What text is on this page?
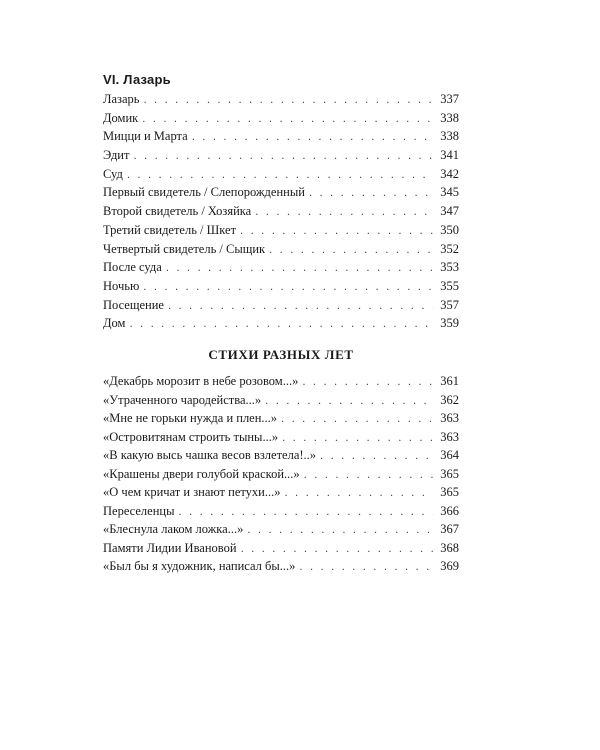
VI. Лазарь
Лазарь . . .	337
Домик . . .	338
Мицци и Марта . . .	338
Эдит . . .	341
Суд . . .	342
Первый свидетель / Слепорожденный . . .	345
Второй свидетель / Хозяйка . . .	347
Третий свидетель / Шкет . . .	350
Четвертый свидетель / Сыщик . . .	352
После суда . . .	353
Ночью . . .	355
Посещение . . .	357
Дом . . .	359
СТИХИ РАЗНЫХ ЛЕТ
«Декабрь морозит в небе розовом...» . . .	361
«Утраченного чародейства...» . . .	362
«Мне не горьки нужда и плен...» . . .	363
«Островитянам строить тыны...» . . .	363
«В какую высь чашка весов взлетела!..» . . .	364
«Крашены двери голубой краской...» . . .	365
«О чем кричат и знают петухи...» . . .	365
Переселенцы . . .	366
«Блеснула лаком ложка...» . . .	367
Памяти Лидии Ивановой . . .	368
«Был бы я художник, написал бы...» . . .	369
